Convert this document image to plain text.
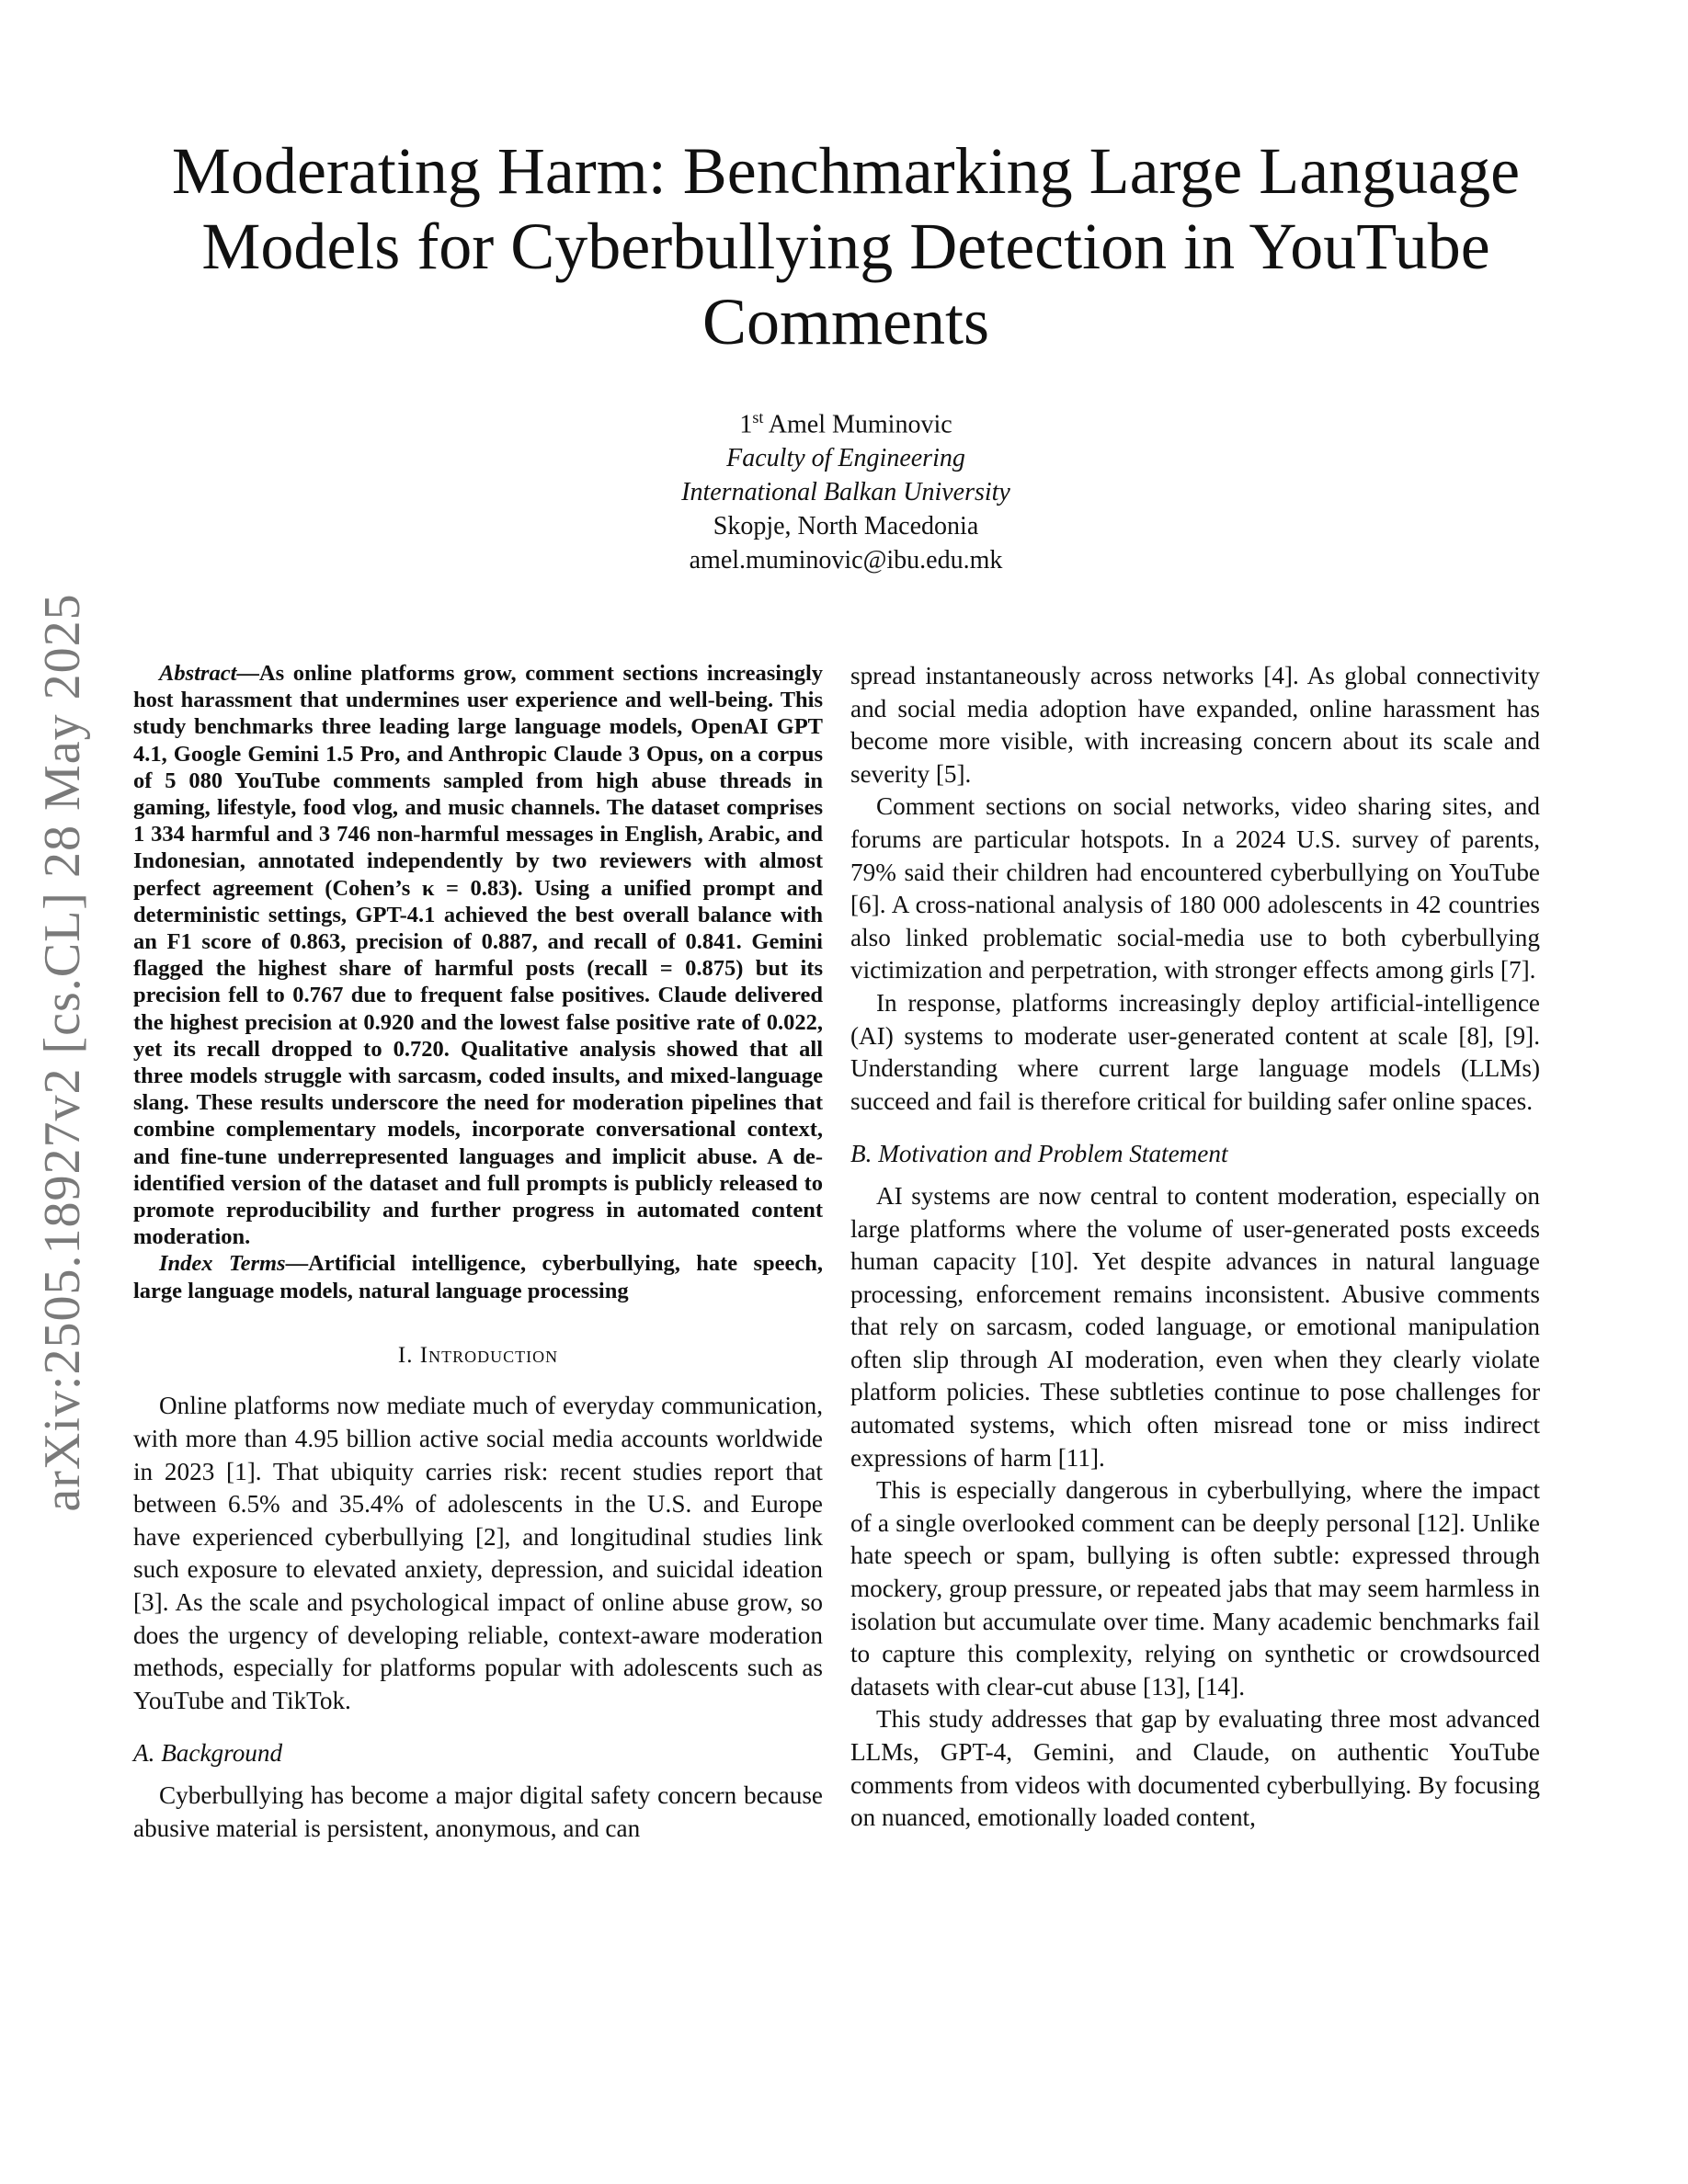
arXiv:2505.18927v2 [cs.CL] 28 May 2025
Moderating Harm: Benchmarking Large Language Models for Cyberbullying Detection in YouTube Comments
1st Amel Muminovic
Faculty of Engineering
International Balkan University
Skopje, North Macedonia
amel.muminovic@ibu.edu.mk

Abstract—As online platforms grow, comment sections increasingly host harassment that undermines user experience and well-being. This study benchmarks three leading large language models, OpenAI GPT 4.1, Google Gemini 1.5 Pro, and Anthropic Claude 3 Opus, on a corpus of 5 080 YouTube comments sampled from high abuse threads in gaming, lifestyle, food vlog, and music channels. The dataset comprises 1 334 harmful and 3 746 non-harmful messages in English, Arabic, and Indonesian, annotated independently by two reviewers with almost perfect agreement (Cohen’s κ = 0.83). Using a unified prompt and deterministic settings, GPT-4.1 achieved the best overall balance with an F1 score of 0.863, precision of 0.887, and recall of 0.841. Gemini flagged the highest share of harmful posts (recall = 0.875) but its precision fell to 0.767 due to frequent false positives. Claude delivered the highest precision at 0.920 and the lowest false positive rate of 0.022, yet its recall dropped to 0.720. Qualitative analysis showed that all three models struggle with sarcasm, coded insults, and mixed-language slang. These results underscore the need for moderation pipelines that combine complementary models, incorporate conversational context, and fine-tune underrepresented languages and implicit abuse. A de-identified version of the dataset and full prompts is publicly released to promote reproducibility and further progress in automated content moderation.

Index Terms—Artificial intelligence, cyberbullying, hate speech, large language models, natural language processing

I. Introduction

Online platforms now mediate much of everyday communication, with more than 4.95 billion active social media accounts worldwide in 2023 [1]. That ubiquity carries risk: recent studies report that between 6.5% and 35.4% of adolescents in the U.S. and Europe have experienced cyberbullying [2], and longitudinal studies link such exposure to elevated anxiety, depression, and suicidal ideation [3]. As the scale and psychological impact of online abuse grow, so does the urgency of developing reliable, context-aware moderation methods, especially for platforms popular with adolescents such as YouTube and TikTok.

A. Background

Cyberbullying has become a major digital safety concern because abusive material is persistent, anonymous, and can

spread instantaneously across networks [4]. As global connectivity and social media adoption have expanded, online harassment has become more visible, with increasing concern about its scale and severity [5].

Comment sections on social networks, video sharing sites, and forums are particular hotspots. In a 2024 U.S. survey of parents, 79% said their children had encountered cyberbullying on YouTube [6]. A cross-national analysis of 180 000 adolescents in 42 countries also linked problematic social-media use to both cyberbullying victimization and perpetration, with stronger effects among girls [7].

In response, platforms increasingly deploy artificial-intelligence (AI) systems to moderate user-generated content at scale [8], [9]. Understanding where current large language models (LLMs) succeed and fail is therefore critical for building safer online spaces.

B. Motivation and Problem Statement

AI systems are now central to content moderation, especially on large platforms where the volume of user-generated posts exceeds human capacity [10]. Yet despite advances in natural language processing, enforcement remains inconsistent. Abusive comments that rely on sarcasm, coded language, or emotional manipulation often slip through AI moderation, even when they clearly violate platform policies. These subtleties continue to pose challenges for automated systems, which often misread tone or miss indirect expressions of harm [11].

This is especially dangerous in cyberbullying, where the impact of a single overlooked comment can be deeply personal [12]. Unlike hate speech or spam, bullying is often subtle: expressed through mockery, group pressure, or repeated jabs that may seem harmless in isolation but accumulate over time. Many academic benchmarks fail to capture this complexity, relying on synthetic or crowdsourced datasets with clear-cut abuse [13], [14].

This study addresses that gap by evaluating three most advanced LLMs, GPT-4, Gemini, and Claude, on authentic YouTube comments from videos with documented cyberbullying. By focusing on nuanced, emotionally loaded content,
